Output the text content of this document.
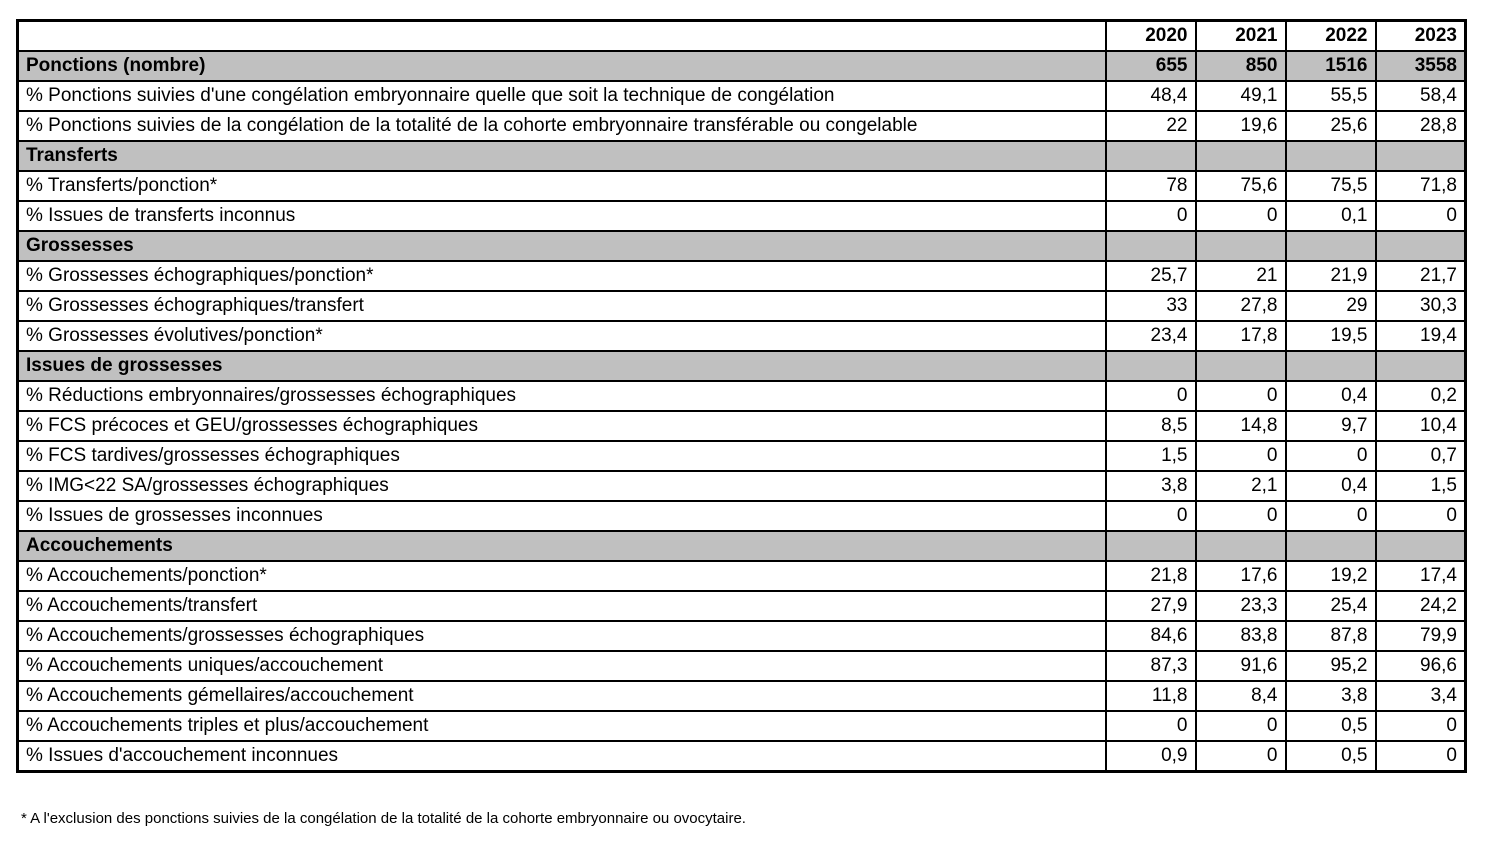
	2020	2021	2022	2023
Ponctions (nombre)	655	850	1516	3558
% Ponctions suivies d'une congélation embryonnaire quelle que soit la technique de congélation	48,4	49,1	55,5	58,4
% Ponctions suivies de la congélation de la totalité de la cohorte embryonnaire transférable ou congelable	22	19,6	25,6	28,8
Transferts				
% Transferts/ponction*	78	75,6	75,5	71,8
% Issues de transferts inconnus	0	0	0,1	0
Grossesses				
% Grossesses échographiques/ponction*	25,7	21	21,9	21,7
% Grossesses échographiques/transfert	33	27,8	29	30,3
% Grossesses évolutives/ponction*	23,4	17,8	19,5	19,4
Issues de grossesses				
% Réductions embryonnaires/grossesses échographiques	0	0	0,4	0,2
% FCS précoces et GEU/grossesses échographiques	8,5	14,8	9,7	10,4
% FCS tardives/grossesses échographiques	1,5	0	0	0,7
% IMG<22 SA/grossesses échographiques	3,8	2,1	0,4	1,5
% Issues de grossesses inconnues	0	0	0	0
Accouchements				
% Accouchements/ponction*	21,8	17,6	19,2	17,4
% Accouchements/transfert	27,9	23,3	25,4	24,2
% Accouchements/grossesses échographiques	84,6	83,8	87,8	79,9
% Accouchements uniques/accouchement	87,3	91,6	95,2	96,6
% Accouchements gémellaires/accouchement	11,8	8,4	3,8	3,4
% Accouchements triples et plus/accouchement	0	0	0,5	0
% Issues d'accouchement inconnues	0,9	0	0,5	0

* A l'exclusion des ponctions suivies de la congélation de la totalité de la cohorte embryonnaire ou ovocytaire.
